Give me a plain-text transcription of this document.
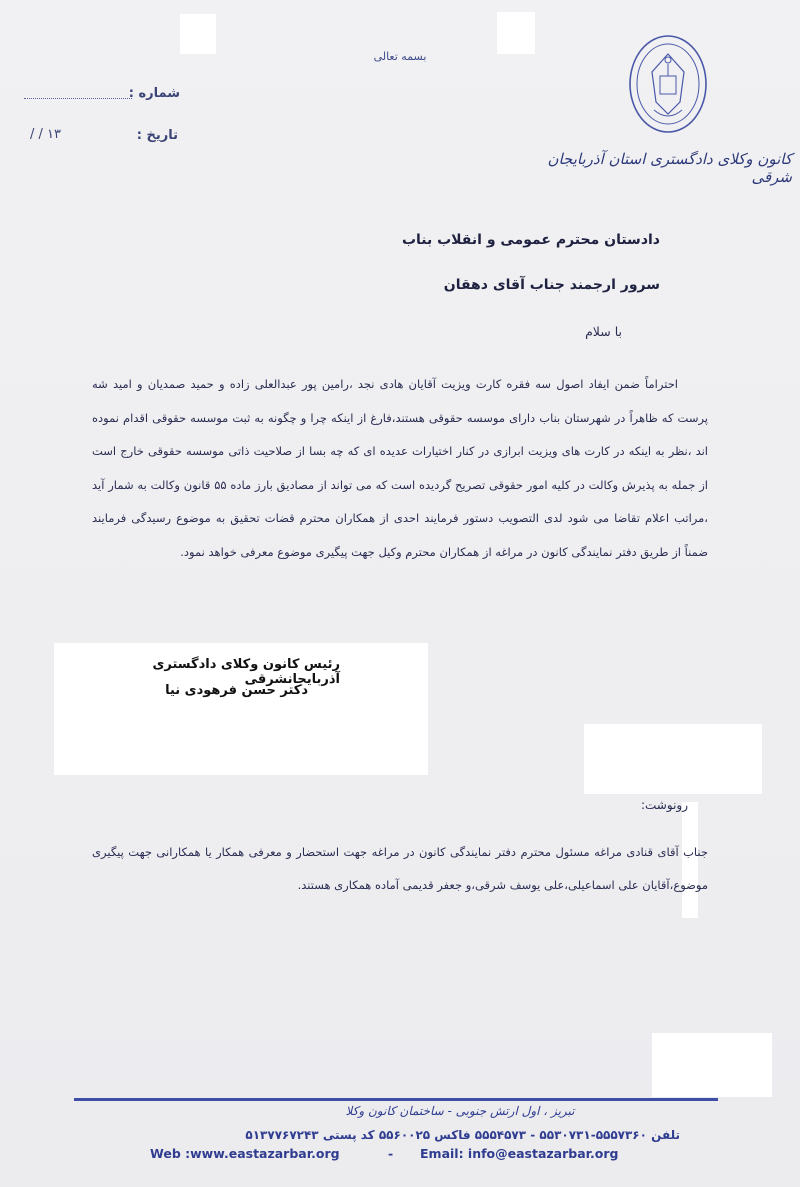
بسمه تعالی
شماره :
تاریخ :
/ / ۱۳
کانون وکلای دادگستری استان آذربایجان شرقی
دادستان محترم عمومی و انقلاب بناب
سرور ارجمند جناب آقای دهقان
با سلام

احتراماً ضمن ایفاد اصول سه فقره کارت ویزیت آقایان هادی نجد ،رامین پور عبدالعلی زاده و حمید صمدیان و امید شه پرست که ظاهراً در شهرستان بناب دارای موسسه حقوقی هستند،فارغ از اینکه چرا و چگونه به ثبت موسسه حقوقی اقدام نموده اند ،نظر به اینکه در کارت های ویزیت ابرازی در کنار اختیارات عدیده ای که چه بسا از صلاحیت ذاتی موسسه حقوقی خارج است از جمله به پذیرش وکالت در کلیه امور حقوقی تصریح گردیده است که می تواند از مصادیق بارز ماده ۵۵ قانون وکالت به شمار آید ،مراتب اعلام تقاضا می شود لدی التصویب دستور فرمایند احدی از همکاران محترم قضات تحقیق به موضوع رسیدگی فرمایند ضمناً از طریق دفتر نمایندگی کانون در مراغه از همکاران محترم وکیل جهت پیگیری موضوع معرفی خواهد نمود.

رئیس کانون وکلای دادگستری آذربایجانشرقی
دکتر حسن فرهودی نیا
رونوشت:
جناب آقای قنادی مراغه مسئول محترم دفتر نمایندگی کانون در مراغه جهت استحضار و معرفی همکار یا همکارانی جهت پیگیری موضوع،آقایان علی اسماعیلی،علی یوسف شرقی،و جعفر قدیمی آماده همکاری هستند.
تبریز ، اول ارتش جنوبی - ساختمان کانون وکلا
تلفن ۵۵۵۷۳۶۰-۵۵۳۰۷۳۱ - ۵۵۵۴۵۷۳ فاکس ۵۵۶۰۰۲۵ کد پستی ۵۱۳۷۷۶۷۲۴۳
Web :www.eastazarbar.org	- Email: info@eastazarbar.org
